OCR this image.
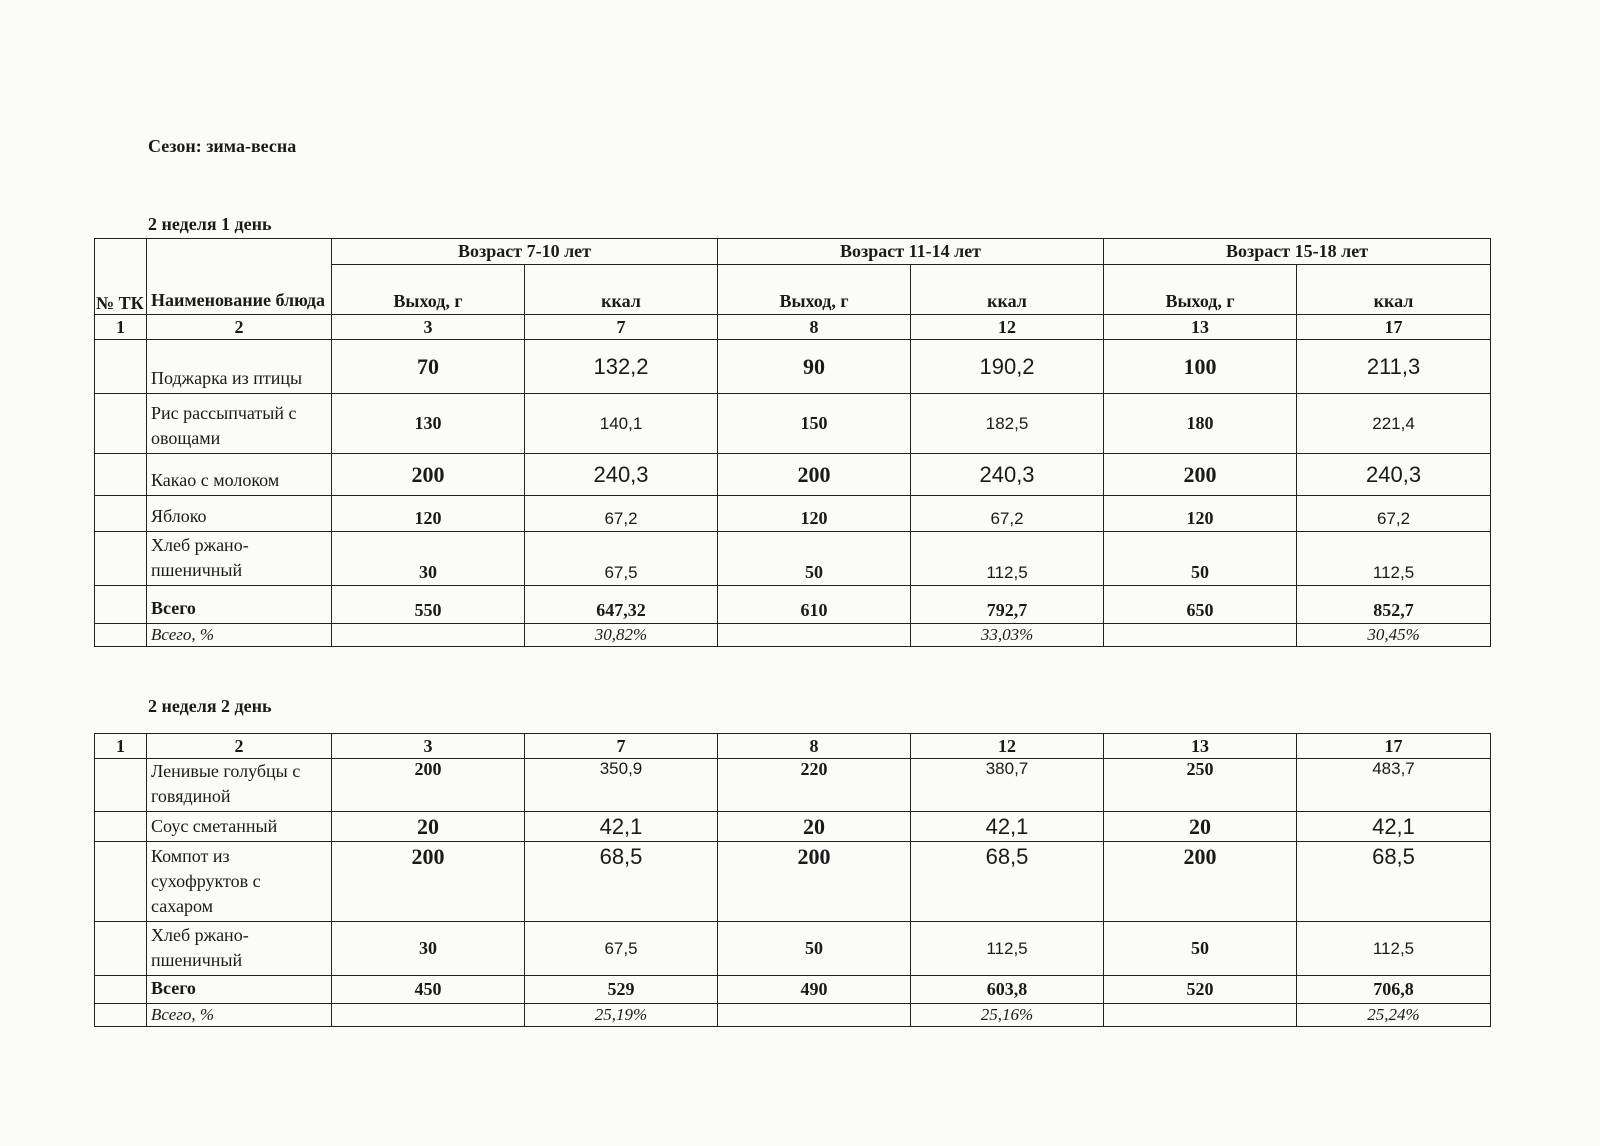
Сезон: зима-весна

2 неделя 1 день

№ ТК	Наименование блюда	Возраст 7-10 лет		Возраст 11-14 лет		Возраст 15-18 лет	
		Выход, г	ккал	Выход, г	ккал	Выход, г	ккал
1	2	3	7	8	12	13	17
	Поджарка из птицы	70	132,2	90	190,2	100	211,3
	Рис рассыпчатый с овощами	130	140,1	150	182,5	180	221,4
	Какао с молоком	200	240,3	200	240,3	200	240,3
	Яблоко	120	67,2	120	67,2	120	67,2
	Хлеб ржано-пшеничный	30	67,5	50	112,5	50	112,5
	Всего	550	647,32	610	792,7	650	852,7
	Всего, %		30,82%		33,03%		30,45%

2 неделя 2 день

1	2	3	7	8	12	13	17
	Ленивые голубцы с говядиной	200	350,9	220	380,7	250	483,7
	Соус сметанный	20	42,1	20	42,1	20	42,1
	Компот из сухофруктов с сахаром	200	68,5	200	68,5	200	68,5
	Хлеб ржано-пшеничный	30	67,5	50	112,5	50	112,5
	Всего	450	529	490	603,8	520	706,8
	Всего, %		25,19%		25,16%		25,24%
